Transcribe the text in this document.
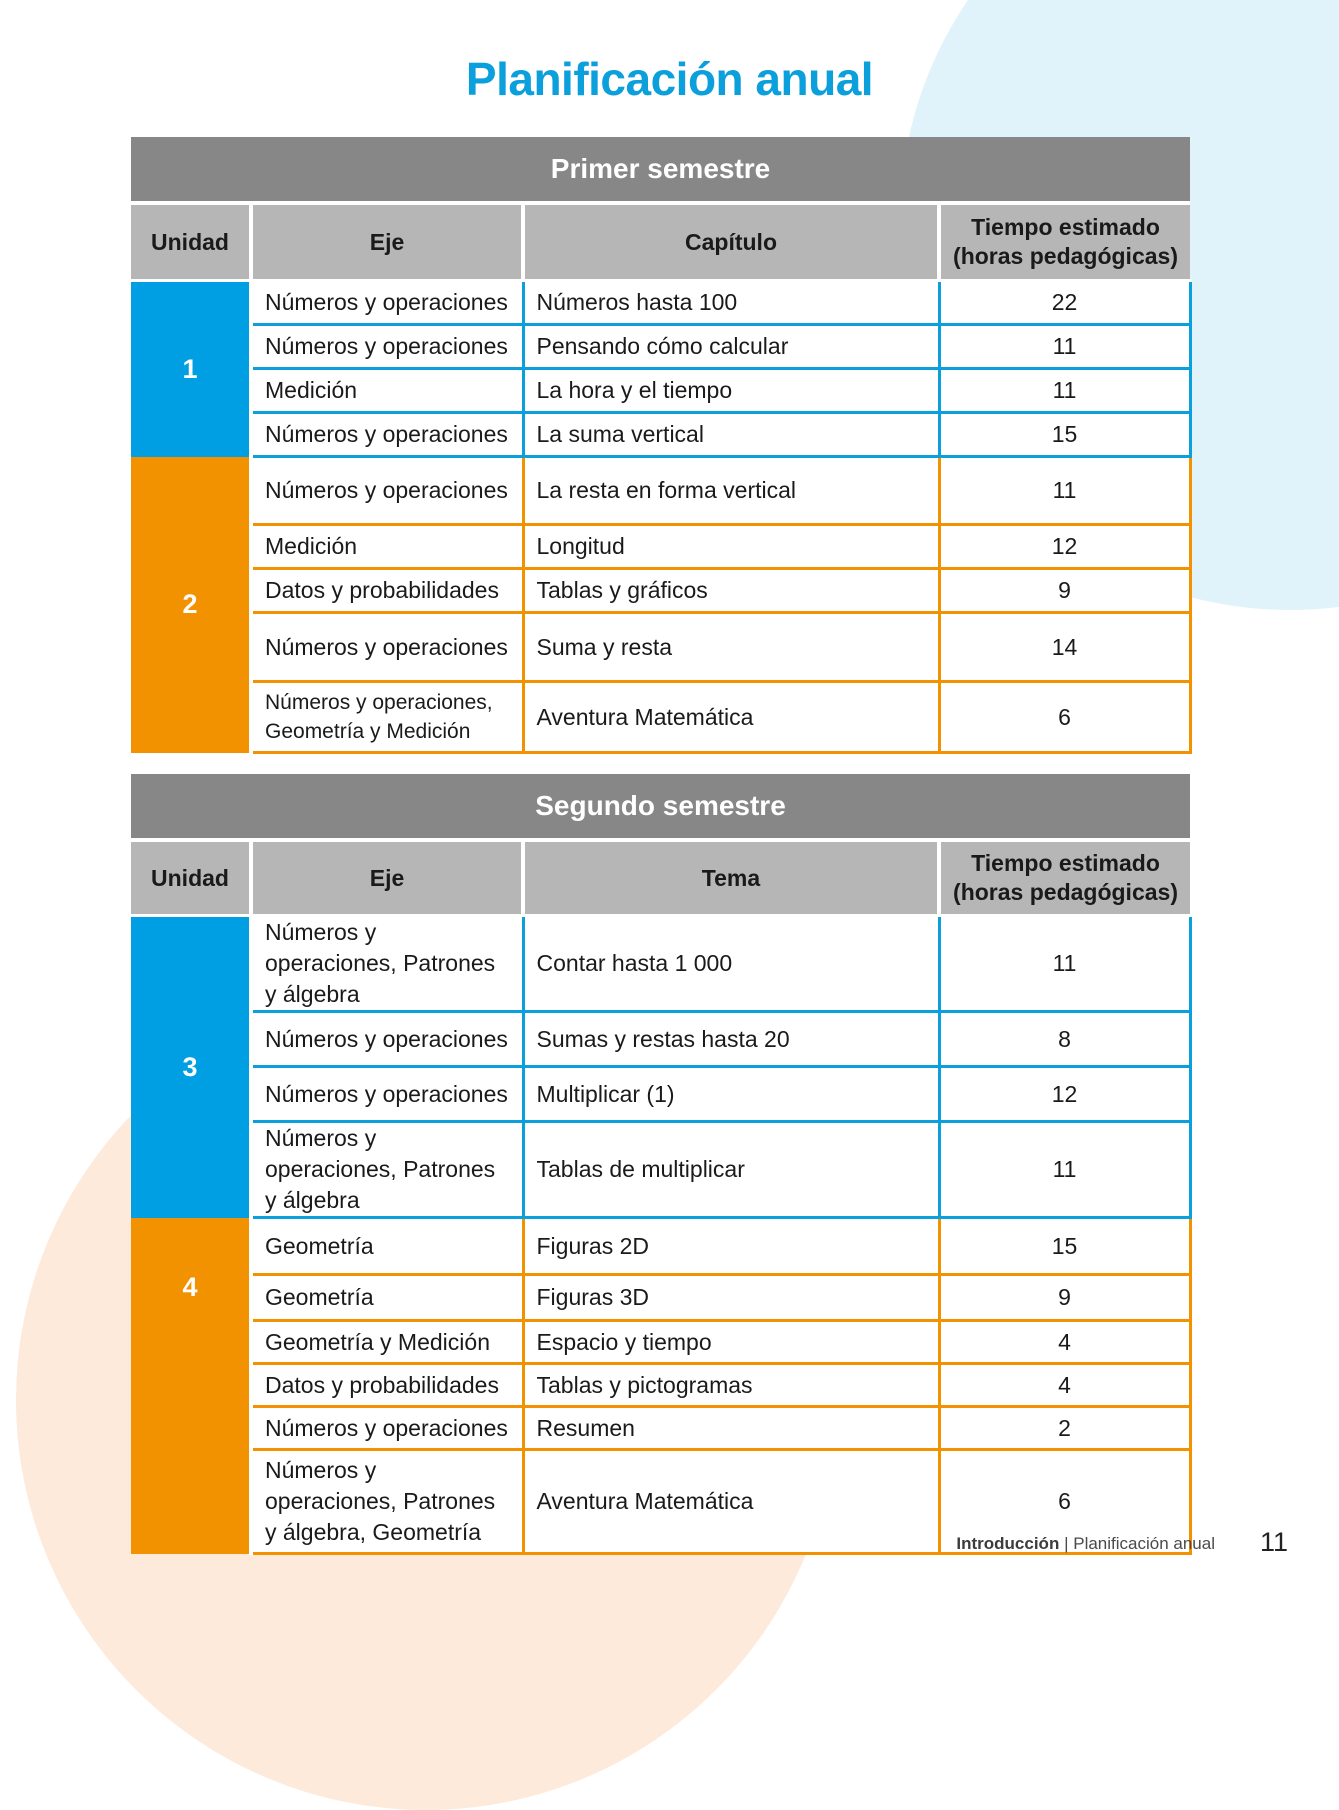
Planificación anual
Primer semestre			
Unidad	Eje	Capítulo	Tiempo estimado (horas pedagógicas)
1	Números y operaciones	Números hasta 100	22
	Números y operaciones	Pensando cómo calcular	11
	Medición	La hora y el tiempo	11
	Números y operaciones	La suma vertical	15
2	Números y operaciones	La resta en forma vertical	11
	Medición	Longitud	12
	Datos y probabilidades	Tablas y gráficos	9
	Números y operaciones	Suma y resta	14
	Números y operaciones, Geometría y Medición	Aventura Matemática	6
Segundo semestre			
Unidad	Eje	Tema	Tiempo estimado (horas pedagógicas)
3	Números y operaciones, Patrones y álgebra	Contar hasta 1 000	11
	Números y operaciones	Sumas y restas hasta 20	8
	Números y operaciones	Multiplicar (1)	12
	Números y operaciones, Patrones y álgebra	Tablas de multiplicar	11
4	Geometría	Figuras 2D	15
	Geometría	Figuras 3D	9
	Geometría y Medición	Espacio y tiempo	4
	Datos y probabilidades	Tablas y pictogramas	4
	Números y operaciones	Resumen	2
	Números y operaciones, Patrones y álgebra, Geometría	Aventura Matemática	6
Introducción | Planificación anual 11
